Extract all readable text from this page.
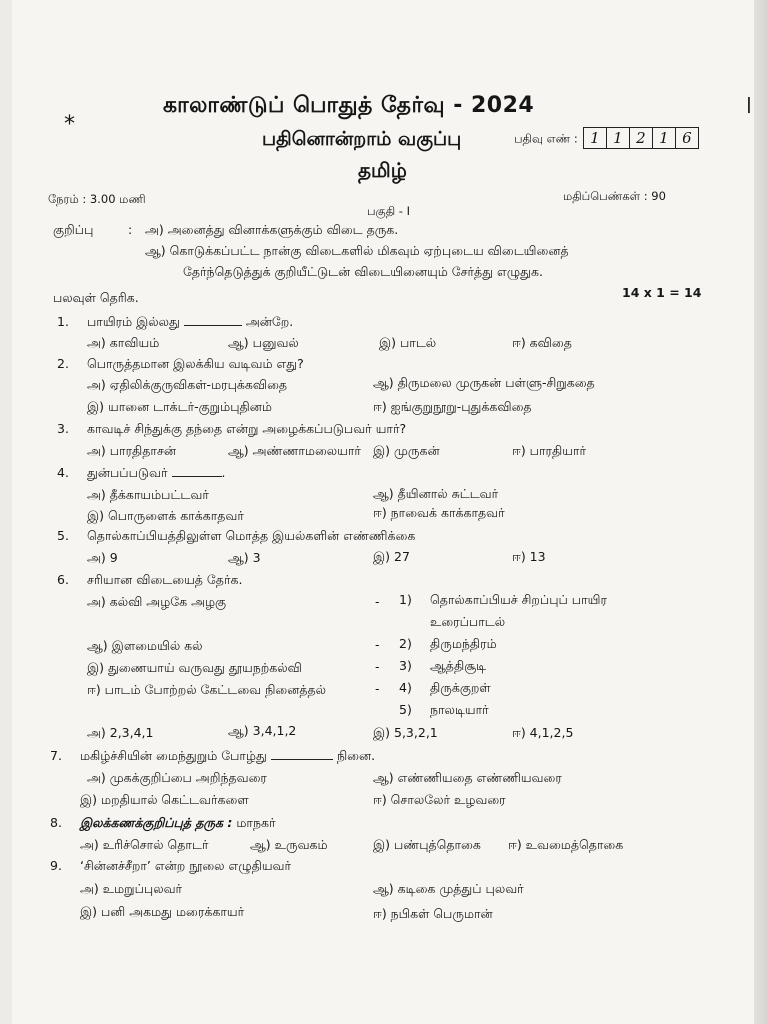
*
காலாண்டுப் பொதுத் தேர்வு - 2024
பதினொன்றாம் வகுப்பு	பதிவு எண் : 1 1 2 1 6
தமிழ்
|
நேரம் : 3.00 மணி	மதிப்பெண்கள் : 90
பகுதி - I
குறிப்பு	: அ) அனைத்து வினாக்களுக்கும் விடை தருக.
ஆ) கொடுக்கப்பட்ட நான்கு விடைகளில் மிகவும் ஏற்புடைய விடையினைத்
தேர்ந்தெடுத்துக் குறியீட்டுடன் விடையினையும் சேர்த்து எழுதுக.
பலவுள் தெரிக.	14 x 1 = 14
1. பாயிரம் இல்லது	அன்றே.
அ) காவியம்	ஆ) பனுவல்	இ) பாடல்	ஈ) கவிதை
2. பொருத்தமான இலக்கிய வடிவம் எது?
அ) ஏதிலிக்குருவிகள்-மரபுக்கவிதை	ஆ) திருமலை முருகன் பள்ளு-சிறுகதை
இ) யானை டாக்டர்-குறும்புதினம்	ஈ) ஐங்குறுநூறு-புதுக்கவிதை
3. காவடிச் சிந்துக்கு தந்தை என்று அழைக்கப்படுபவர் யார்?
அ) பாரதிதாசன்	ஆ) அண்ணாமலையார் இ) முருகன்	ஈ) பாரதியார்
4. துன்பப்படுவர்	.
அ) தீக்காயம்பட்டவர்	ஆ) தீயினால் சுட்டவர்
இ) பொருளைக் காக்காதவர்	ஈ) நாவைக் காக்காதவர்
5. தொல்காப்பியத்திலுள்ள மொத்த இயல்களின் எண்ணிக்கை
அ) 9	ஆ) 3	இ) 27	ஈ) 13
6. சரியான விடையைத் தேர்க.
அ) கல்வி அழகே அழகு	- 1) தொல்காப்பியச் சிறப்புப் பாயிர
உரைப்பாடல்
ஆ) இளமையில் கல்	- 2) திருமந்திரம்
இ) துணையாய் வருவது தூயநற்கல்வி	- 3) ஆத்திசூடி
ஈ) பாடம் போற்றல் கேட்டவை நினைத்தல்	- 4) திருக்குறள்
5) நாலடியார்
அ) 2,3,4,1	ஆ) 3,4,1,2	இ) 5,3,2,1	ஈ) 4,1,2,5
7. மகிழ்ச்சியின் மைந்துறும் போழ்து	நினை.
அ) முகக்குறிப்பை அறிந்தவரை	ஆ) எண்ணியதை எண்ணியவரை
இ) மறதியால் கெட்டவர்களை	ஈ) சொலலேர் உழவரை
8. இலக்கணக்குறிப்புத் தருக : மாநகர்
அ) உரிச்சொல் தொடர்	ஆ) உருவகம்	இ) பண்புத்தொகை ஈ) உவமைத்தொகை
9. ‘சின்னச்சீறா’ என்ற நூலை எழுதியவர்
அ) உமறுப்புலவர்	ஆ) கடிகை முத்துப் புலவர்
இ) பனி அகமது மரைக்காயர்	ஈ) நபிகள் பெருமான்
